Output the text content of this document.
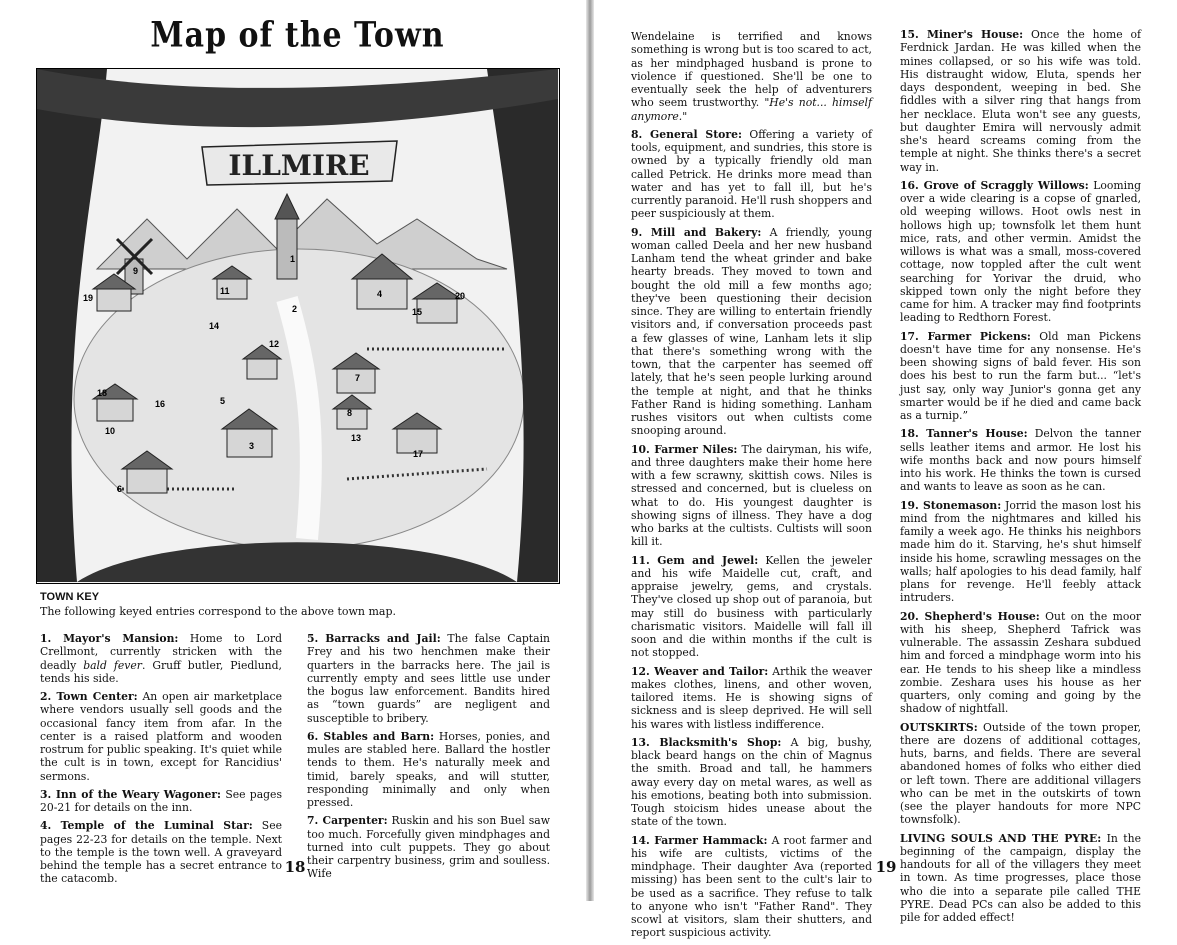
Map of the Town
ILLMIRE
1
2
3
4
5
6
7
8
9
10
11
12
13
14
15
16
17
18
19	20
TOWN KEY
The following keyed entries correspond to the above town map.

1. Mayor's Mansion: Home to Lord Crellmont, currently stricken with the deadly bald fever. Gruff butler, Piedlund, tends his side.

2. Town Center: An open air marketplace where vendors usually sell goods and the occasional fancy item from afar. In the center is a raised platform and wooden rostrum for public speaking. It's quiet while the cult is in town, except for Rancidius' sermons.

3. Inn of the Weary Wagoner: See pages 20-21 for details on the inn.

4. Temple of the Luminal Star: See pages 22-23 for details on the temple. Next to the temple is the town well. A graveyard behind the temple has a secret entrance to the catacomb.

5. Barracks and Jail: The false Captain Frey and his two henchmen make their quarters in the barracks here. The jail is currently empty and sees little use under the bogus law enforcement. Bandits hired as “town guards” are negligent and susceptible to bribery.

6. Stables and Barn: Horses, ponies, and mules are stabled here. Ballard the hostler tends to them. He's naturally meek and timid, barely speaks, and will stutter, responding minimally and only when pressed.

7. Carpenter: Ruskin and his son Buel saw too much. Forcefully given mindphages and turned into cult puppets. They go about their carpentry business, grim and soulless. Wife

18

Wendelaine is terrified and knows something is wrong but is too scared to act, as her mindphaged husband is prone to violence if questioned. She'll be one to eventually seek the help of adventurers who seem trustworthy. "He's not... himself anymore."

8. General Store: Offering a variety of tools, equipment, and sundries, this store is owned by a typically friendly old man called Petrick. He drinks more mead than water and has yet to fall ill, but he's currently paranoid. He'll rush shoppers and peer suspiciously at them.

9. Mill and Bakery: A friendly, young woman called Deela and her new husband Lanham tend the wheat grinder and bake hearty breads. They moved to town and bought the old mill a few months ago; they've been questioning their decision since. They are willing to entertain friendly visitors and, if conversation proceeds past a few glasses of wine, Lanham lets it slip that there's something wrong with the town, that the carpenter has seemed off lately, that he's seen people lurking around the temple at night, and that he thinks Father Rand is hiding something. Lanham rushes visitors out when cultists come snooping around.

10. Farmer Niles: The dairyman, his wife, and three daughters make their home here with a few scrawny, skittish cows. Niles is stressed and concerned, but is clueless on what to do. His youngest daughter is showing signs of illness. They have a dog who barks at the cultists. Cultists will soon kill it.

11. Gem and Jewel: Kellen the jeweler and his wife Maidelle cut, craft, and appraise jewelry, gems, and crystals. They've closed up shop out of paranoia, but may still do business with particularly charismatic visitors. Maidelle will fall ill soon and die within months if the cult is not stopped.

12. Weaver and Tailor: Arthik the weaver makes clothes, linens, and other woven, tailored items. He is showing signs of sickness and is sleep deprived. He will sell his wares with listless indifference.

13. Blacksmith's Shop: A big, bushy, black beard hangs on the chin of Magnus the smith. Broad and tall, he hammers away every day on metal wares, as well as his emotions, beating both into submission. Tough stoicism hides unease about the state of the town.

14. Farmer Hammack: A root farmer and his wife are cultists, victims of the mindphage. Their daughter Ava (reported missing) has been sent to the cult's lair to be used as a sacrifice. They refuse to talk to anyone who isn't "Father Rand". They scowl at visitors, slam their shutters, and report suspicious activity.

15. Miner's House: Once the home of Ferdnick Jardan. He was killed when the mines collapsed, or so his wife was told. His distraught widow, Eluta, spends her days despondent, weeping in bed. She fiddles with a silver ring that hangs from her necklace. Eluta won't see any guests, but daughter Emira will nervously admit she's heard screams coming from the temple at night. She thinks there's a secret way in.

16. Grove of Scraggly Willows: Looming over a wide clearing is a copse of gnarled, old weeping willows. Hoot owls nest in hollows high up; townsfolk let them hunt mice, rats, and other vermin. Amidst the willows is what was a small, moss-covered cottage, now toppled after the cult went searching for Yorivar the druid, who skipped town only the night before they came for him. A tracker may find footprints leading to Redthorn Forest.

17. Farmer Pickens: Old man Pickens doesn't have time for any nonsense. He's been showing signs of bald fever. His son does his best to run the farm but... “let's just say, only way Junior's gonna get any smarter would be if he died and came back as a turnip.”

18. Tanner's House: Delvon the tanner sells leather items and armor. He lost his wife months back and now pours himself into his work. He thinks the town is cursed and wants to leave as soon as he can.

19. Stonemason: Jorrid the mason lost his mind from the nightmares and killed his family a week ago. He thinks his neighbors made him do it. Starving, he's shut himself inside his home, scrawling messages on the walls; half apologies to his dead family, half plans for revenge. He'll feebly attack intruders.

20. Shepherd's House: Out on the moor with his sheep, Shepherd Tafrick was vulnerable. The assassin Zeshara subdued him and forced a mindphage worm into his ear. He tends to his sheep like a mindless zombie. Zeshara uses his house as her quarters, only coming and going by the shadow of nightfall.

OUTSKIRTS: Outside of the town proper, there are dozens of additional cottages, huts, barns, and fields. There are several abandoned homes of folks who either died or left town. There are additional villagers who can be met in the outskirts of town (see the player handouts for more NPC townsfolk).

LIVING SOULS AND THE PYRE: In the beginning of the campaign, display the handouts for all of the villagers they meet in town. As time progresses, place those who die into a separate pile called THE PYRE. Dead PCs can also be added to this pile for added effect!

19
